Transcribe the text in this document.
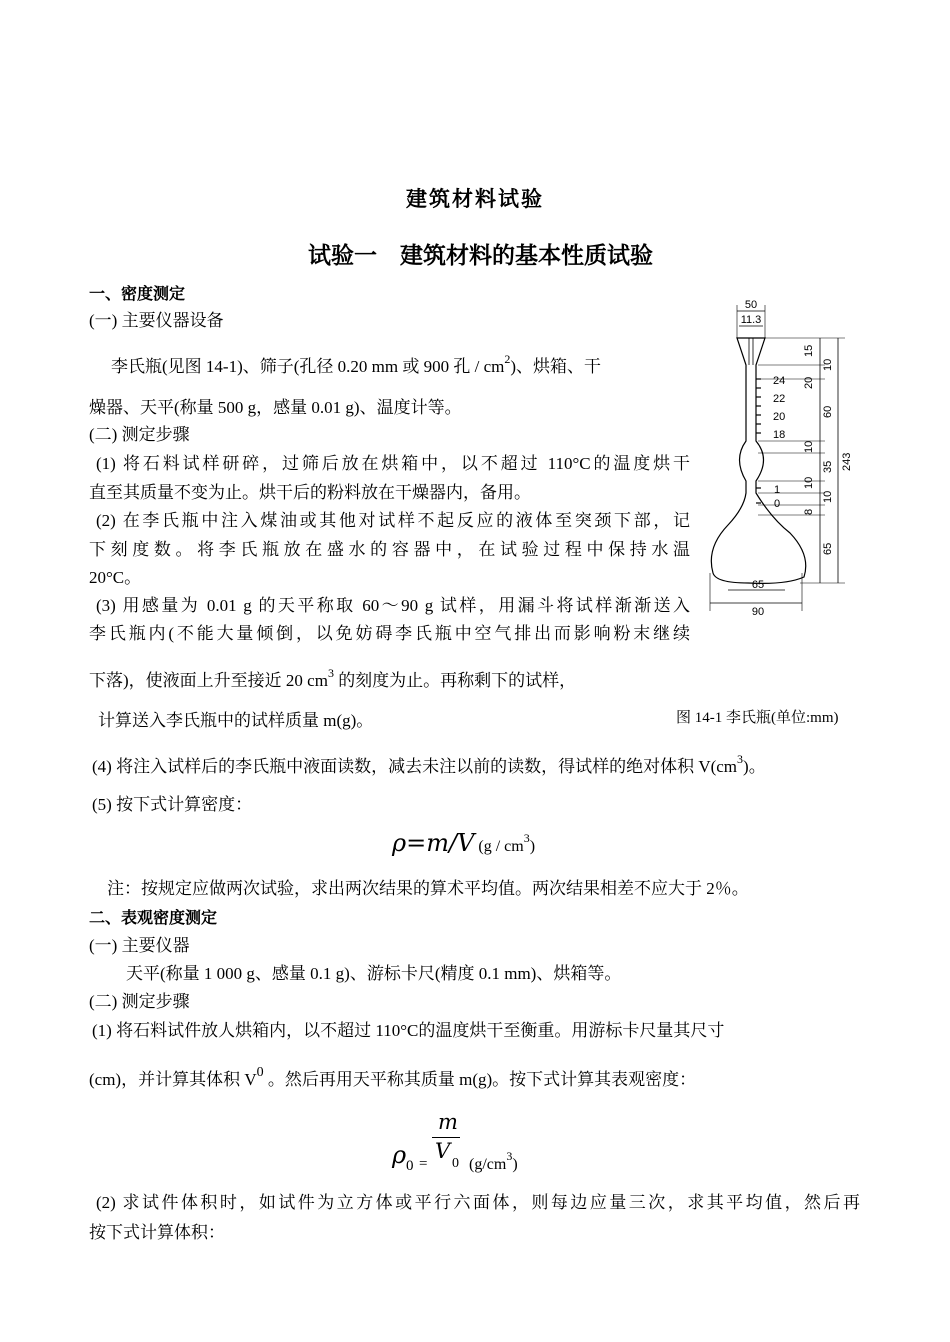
建筑材料试验
试验一　建筑材料的基本性质试验
一、密度测定
(一) 主要仪器设备
李氏瓶(见图 14-1)、筛子(孔径 0.20 mm 或 900 孔 / $cm^2$)、烘箱、干
燥器、天平(称量 500 g，感量 0.01 g)、温度计等。
(二) 测定步骤
(1) 将石料试样研碎，过筛后放在烘箱中，以不超过 110°C的温度烘干
直至其质量不变为止。烘干后的粉料放在干燥器内，备用。
(2) 在李氏瓶中注入煤油或其他对试样不起反应的液体至突颈下部，记
下刻度数。将李氏瓶放在盛水的容器中，在试验过程中保持水温
20°C。
(3) 用感量为 0.01 g 的天平称取 60～90 g 试样，用漏斗将试样渐渐送入
李氏瓶内(不能大量倾倒，以免妨碍李氏瓶中空气排出而影响粉末继续
下落)，使液面上升至接近 20 $cm^3$ 的刻度为止。再称剩下的试样，
计算送入李氏瓶中的试样质量 m(g)。	图 14-1 李氏瓶(单位:mm)
(4) 将注入试样后的李氏瓶中液面读数，减去未注以前的读数，得试样的绝对体积 $V(cm^3)$。
(5) 按下式计算密度：
ρ=m/V $(g / cm^3)$
注：按规定应做两次试验，求出两次结果的算术平均值。两次结果相差不应大于 2％。
二、表观密度测定
(一) 主要仪器
天平(称量 1 000 g、感量 0.1 g)、游标卡尺(精度 0.1 mm)、烘箱等。
(二) 测定步骤
(1) 将石料试件放人烘箱内，以不超过 110°C的温度烘干至衡重。用游标卡尺量其尺寸
(cm)，并计算其体积 $V^0$ 。然后再用天平称其质量 m(g)。按下式计算其表观密度：
ρ 0 =
m
V
0 $(g/cm^3)$
(2) 求试件体积时，如试件为立方体或平行六面体，则每边应量三次，求其平均值，然后再
按下式计算体积：
50
11.3
24
22
20
18
1
0
15
20
10
60
10
35
10
10
8
65
243
65
90
